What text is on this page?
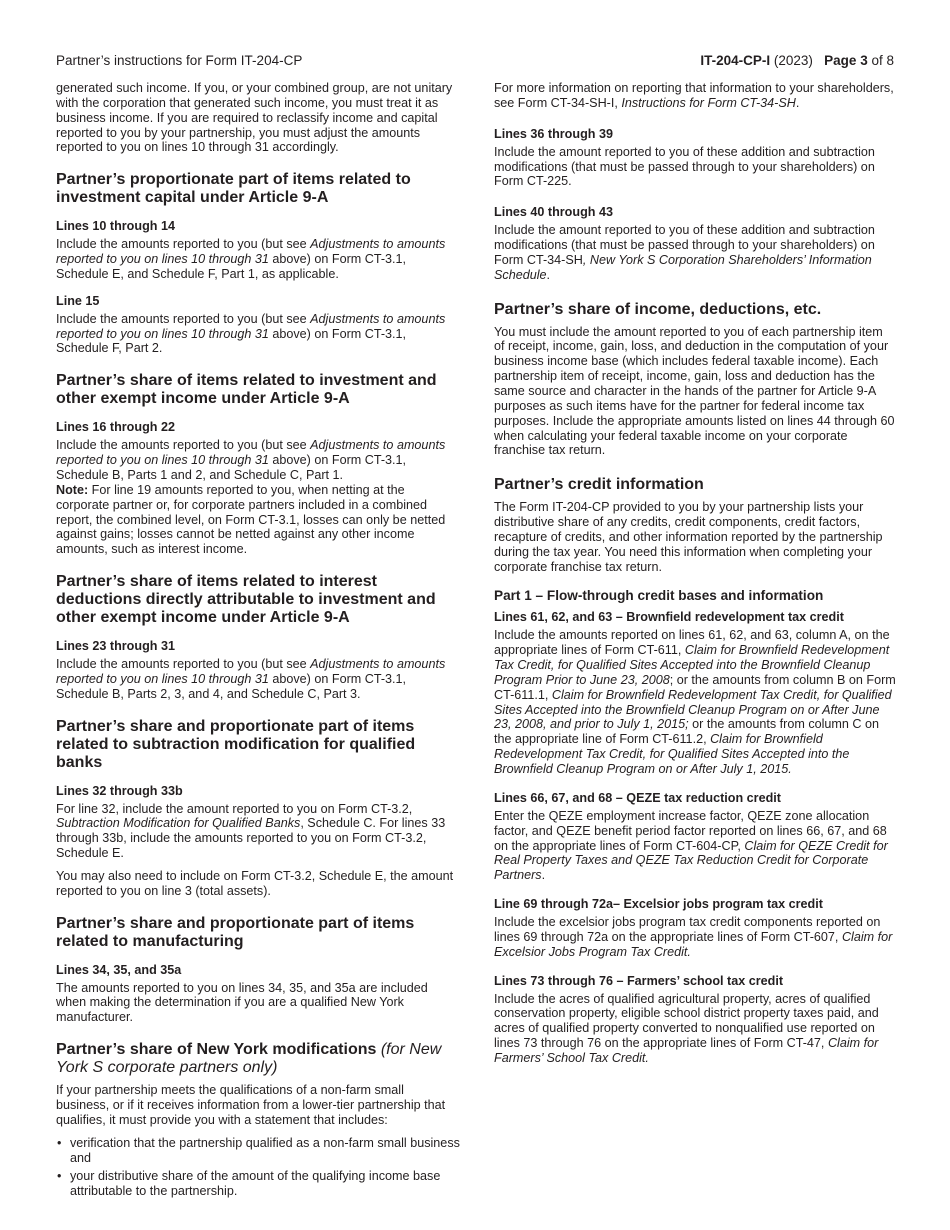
Partner’s instructions for Form IT-204-CP	IT-204-CP-I (2023) Page 3 of 8

generated such income. If you, or your combined group, are not unitary with the corporation that generated such income, you must treat it as business income. If you are required to reclassify income and capital reported to you by your partnership, you must adjust the amounts reported to you on lines 10 through 31 accordingly.

Partner’s proportionate part of items related to investment capital under Article 9-A
Lines 10 through 14

Include the amounts reported to you (but see Adjustments to amounts reported to you on lines 10 through 31 above) on Form CT-3.1, Schedule E, and Schedule F, Part 1, as applicable.

Line 15

Include the amounts reported to you (but see Adjustments to amounts reported to you on lines 10 through 31 above) on Form CT-3.1, Schedule F, Part 2.

Partner’s share of items related to investment and other exempt income under Article 9-A
Lines 16 through 22

Include the amounts reported to you (but see Adjustments to amounts reported to you on lines 10 through 31 above) on Form CT-3.1, Schedule B, Parts 1 and 2, and Schedule C, Part 1.
Note: For line 19 amounts reported to you, when netting at the corporate partner or, for corporate partners included in a combined report, the combined level, on Form CT-3.1, losses can only be netted against gains; losses cannot be netted against any other income amounts, such as interest income.

Partner’s share of items related to interest deductions directly attributable to investment and other exempt income under Article 9-A
Lines 23 through 31

Include the amounts reported to you (but see Adjustments to amounts reported to you on lines 10 through 31 above) on Form CT-3.1, Schedule B, Parts 2, 3, and 4, and Schedule C, Part 3.

Partner’s share and proportionate part of items related to subtraction modification for qualified banks
Lines 32 through 33b

For line 32, include the amount reported to you on Form CT-3.2, Subtraction Modification for Qualified Banks, Schedule C. For lines 33 through 33b, include the amounts reported to you on Form CT-3.2, Schedule E.

You may also need to include on Form CT-3.2, Schedule E, the amount reported to you on line 3 (total assets).

Partner’s share and proportionate part of items related to manufacturing
Lines 34, 35, and 35a

The amounts reported to you on lines 34, 35, and 35a are included when making the determination if you are a qualified New York manufacturer.

Partner’s share of New York modifications (for New York S corporate partners only)

If your partnership meets the qualifications of a non-farm small business, or if it receives information from a lower-tier partnership that qualifies, it must provide you with a statement that includes:

• verification that the partnership qualified as a non-farm small business and
• your distributive share of the amount of the qualifying income base attributable to the partnership.

For more information on reporting that information to your shareholders, see Form CT-34-SH-I, Instructions for Form CT-34-SH.

Lines 36 through 39

Include the amount reported to you of these addition and subtraction modifications (that must be passed through to your shareholders) on Form CT-225.

Lines 40 through 43

Include the amount reported to you of these addition and subtraction modifications (that must be passed through to your shareholders) on Form CT-34-SH, New York S Corporation Shareholders’ Information Schedule.

Partner’s share of income, deductions, etc.

You must include the amount reported to you of each partnership item of receipt, income, gain, loss, and deduction in the computation of your business income base (which includes federal taxable income). Each partnership item of receipt, income, gain, loss and deduction has the same source and character in the hands of the partner for Article 9-A purposes as such items have for the partner for federal income tax purposes. Include the appropriate amounts listed on lines 44 through 60 when calculating your federal taxable income on your corporate franchise tax return.

Partner’s credit information

The Form IT-204-CP provided to you by your partnership lists your distributive share of any credits, credit components, credit factors, recapture of credits, and other information reported by the partnership during the tax year. You need this information when completing your corporate franchise tax return.

Part 1 – Flow-through credit bases and information
Lines 61, 62, and 63 – Brownfield redevelopment tax credit

Include the amounts reported on lines 61, 62, and 63, column A, on the appropriate lines of Form CT-611, Claim for Brownfield Redevelopment Tax Credit, for Qualified Sites Accepted into the Brownfield Cleanup Program Prior to June 23, 2008; or the amounts from column B on Form CT-611.1, Claim for Brownfield Redevelopment Tax Credit, for Qualified Sites Accepted into the Brownfield Cleanup Program on or After June 23, 2008, and prior to July 1, 2015; or the amounts from column C on the appropriate line of Form CT-611.2, Claim for Brownfield Redevelopment Tax Credit, for Qualified Sites Accepted into the Brownfield Cleanup Program on or After July 1, 2015.

Lines 66, 67, and 68 – QEZE tax reduction credit

Enter the QEZE employment increase factor, QEZE zone allocation factor, and QEZE benefit period factor reported on lines 66, 67, and 68 on the appropriate lines of Form CT-604-CP, Claim for QEZE Credit for Real Property Taxes and QEZE Tax Reduction Credit for Corporate Partners.

Line 69 through 72a– Excelsior jobs program tax credit

Include the excelsior jobs program tax credit components reported on lines 69 through 72a on the appropriate lines of Form CT-607, Claim for Excelsior Jobs Program Tax Credit.

Lines 73 through 76 – Farmers’ school tax credit

Include the acres of qualified agricultural property, acres of qualified conservation property, eligible school district property taxes paid, and acres of qualified property converted to nonqualified use reported on lines 73 through 76 on the appropriate lines of Form CT-47, Claim for Farmers’ School Tax Credit.
